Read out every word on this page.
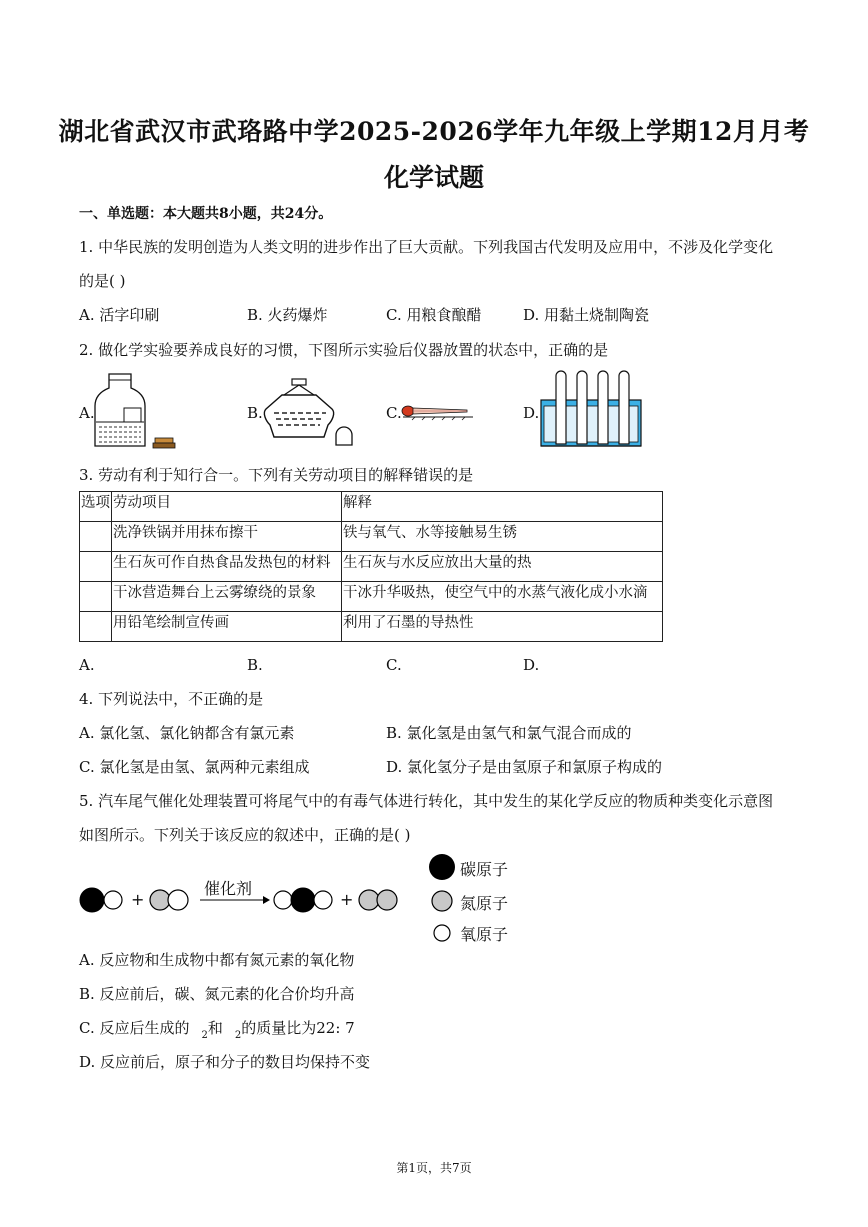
湖北省武汉市武珞路中学2025-2026学年九年级上学期12月月考
化学试题
一、单选题：本大题共8小题，共24分。
1. 中华民族的发明创造为人类文明的进步作出了巨大贡献。下列我国古代发明及应用中，不涉及化学变化
的是( )
A. 活字印刷	B. 火药爆炸	C. 用粮食酿醋	D. 用黏土烧制陶瓷
2. 做化学实验要养成良好的习惯，下图所示实验后仪器放置的状态中，正确的是
A.	B.	C.	D.
3. 劳动有利于知行合一。下列有关劳动项目的解释错误的是
选项	劳动项目	解释
	洗净铁锅并用抹布擦干	铁与氧气、水等接触易生锈
	生石灰可作自热食品发热包的材料	生石灰与水反应放出大量的热
	干冰营造舞台上云雾缭绕的景象	干冰升华吸热，使空气中的水蒸气液化成小水滴
	用铅笔绘制宣传画	利用了石墨的导热性
A.	B.	C.	D.
4. 下列说法中，不正确的是
A. 氯化氢、氯化钠都含有氯元素	B. 氯化氢是由氢气和氯气混合而成的
C. 氯化氢是由氢、氯两种元素组成	D. 氯化氢分子是由氢原子和氯原子构成的
5. 汽车尾气催化处理装置可将尾气中的有毒气体进行转化，其中发生的某化学反应的物质种类变化示意图
如图所示。下列关于该反应的叙述中，正确的是( )
+	+
催化剂
碳原子
氮原子
氧原子
A. 反应物和生成物中都有氮元素的氧化物
B. 反应前后，碳、氮元素的化合价均升高
C. 反应后生成的 $_2$和 $_2$的质量比为22: 7
D. 反应前后，原子和分子的数目均保持不变
第1页，共7页
